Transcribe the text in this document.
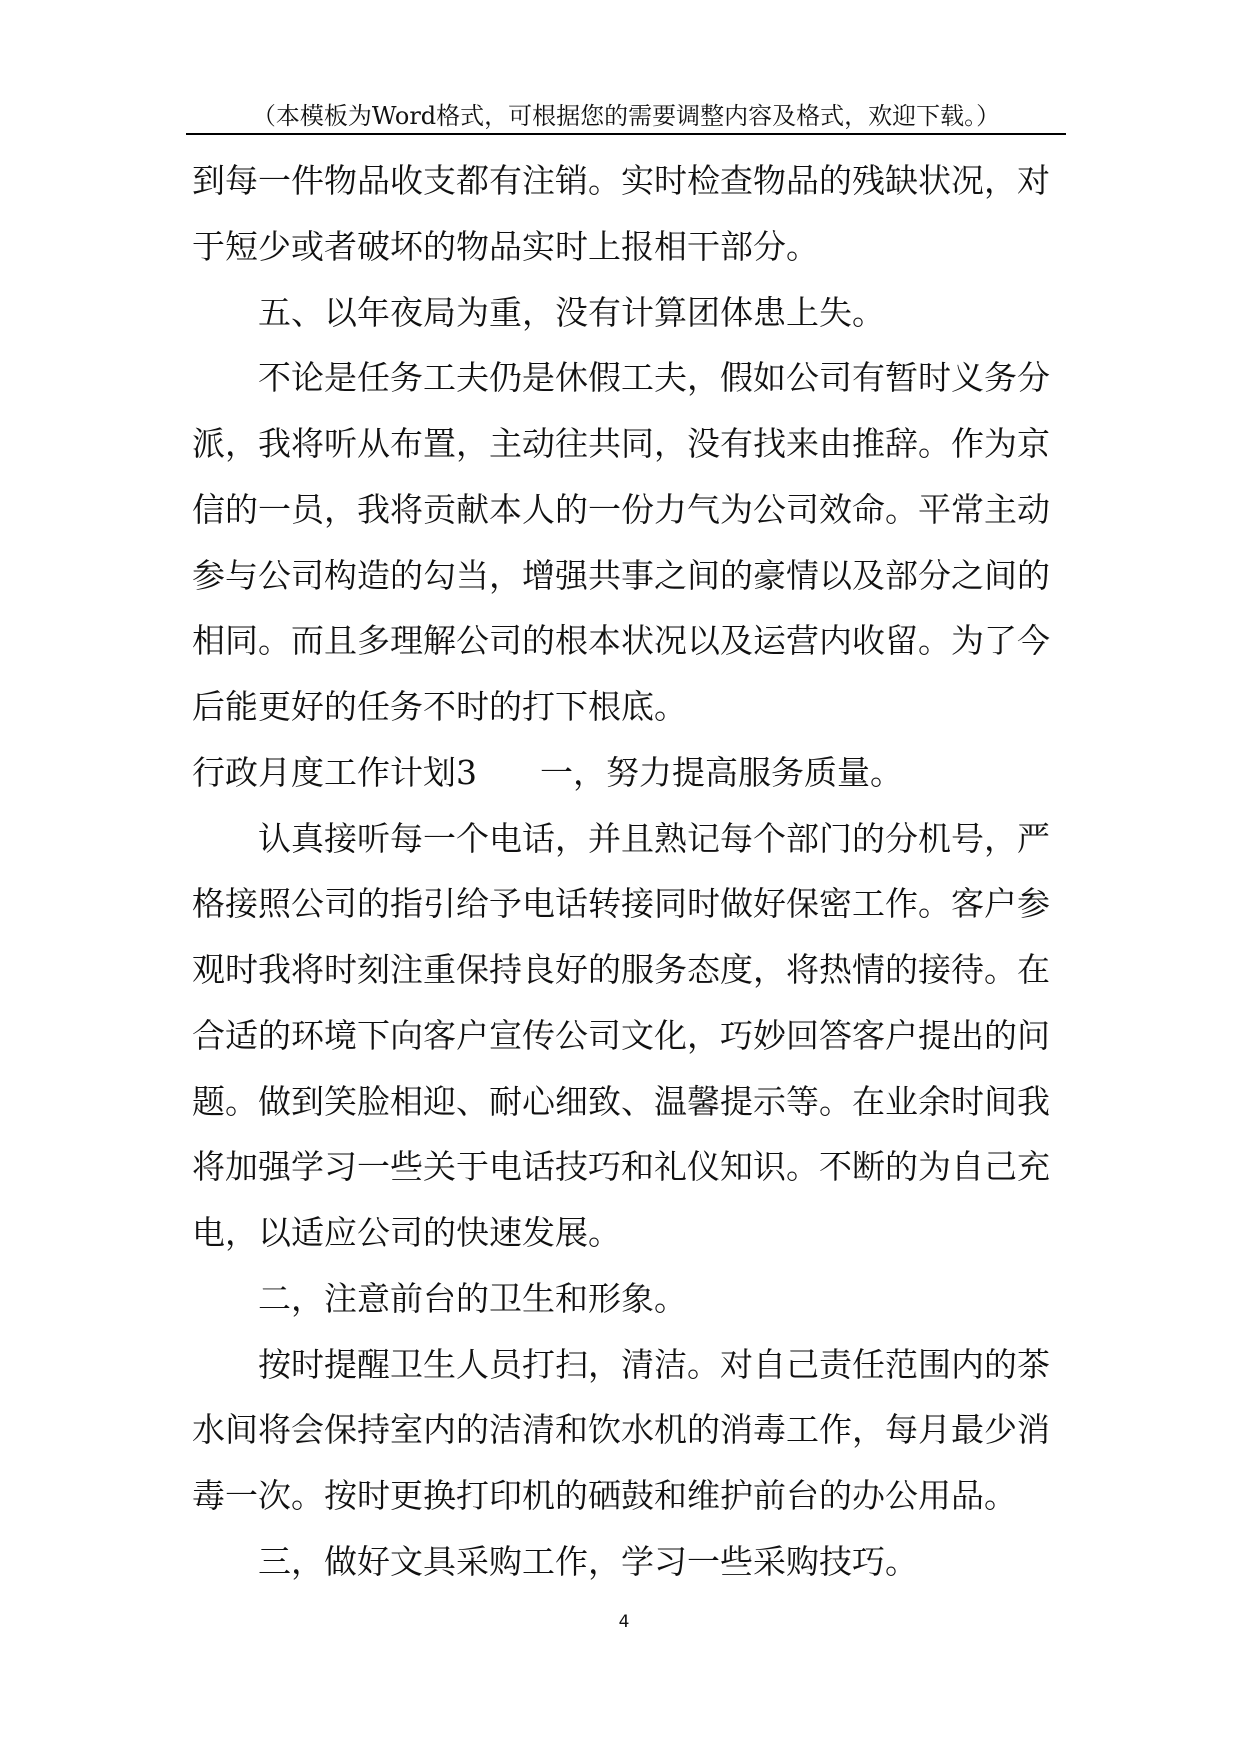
（本模板为Word格式，可根据您的需要调整内容及格式，欢迎下载。）
到每一件物品收支都有注销。实时检查物品的残缺状况，对
于短少或者破坏的物品实时上报相干部分。
五、以年夜局为重，没有计算团体患上失。
不论是任务工夫仍是休假工夫，假如公司有暂时义务分
派，我将听从布置，主动往共同，没有找来由推辞。作为京
信的一员，我将贡献本人的一份力气为公司效命。平常主动
参与公司构造的勾当，增强共事之间的豪情以及部分之间的
相同。而且多理解公司的根本状况以及运营内收留。为了今
后能更好的任务不时的打下根底。
行政月度工作计划3 一，努力提高服务质量。
认真接听每一个电话，并且熟记每个部门的分机号，严
格接照公司的指引给予电话转接同时做好保密工作。客户参
观时我将时刻注重保持良好的服务态度，将热情的接待。在
合适的环境下向客户宣传公司文化，巧妙回答客户提出的问
题。做到笑脸相迎、耐心细致、温馨提示等。在业余时间我
将加强学习一些关于电话技巧和礼仪知识。不断的为自己充
电，以适应公司的快速发展。
二，注意前台的卫生和形象。
按时提醒卫生人员打扫，清洁。对自己责任范围内的茶
水间将会保持室内的洁清和饮水机的消毒工作，每月最少消
毒一次。按时更换打印机的硒鼓和维护前台的办公用品。
三，做好文具采购工作，学习一些采购技巧。
4
